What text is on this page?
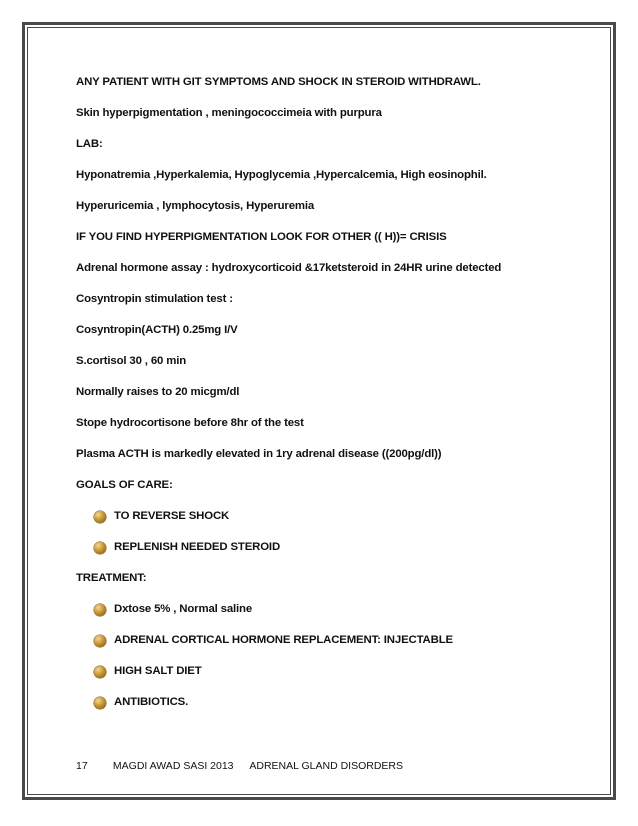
ANY PATIENT WITH GIT SYMPTOMS AND SHOCK IN STEROID WITHDRAWL.
Skin hyperpigmentation , meningococcimeia with purpura
LAB:
Hyponatremia ,Hyperkalemia, Hypoglycemia ,Hypercalcemia, High eosinophil.
Hyperuricemia , lymphocytosis, Hyperuremia
IF YOU FIND HYPERPIGMENTATION LOOK FOR OTHER (( H))= CRISIS
Adrenal hormone assay : hydroxycorticoid &17ketsteroid in 24HR urine detected
Cosyntropin stimulation test :
Cosyntropin(ACTH) 0.25mg I/V
S.cortisol 30 , 60 min
Normally raises to 20 micgm/dl
Stope hydrocortisone before 8hr of the test
Plasma ACTH is markedly elevated in 1ry adrenal disease ((200pg/dl))
GOALS OF CARE:
TO REVERSE SHOCK
REPLENISH NEEDED STEROID
TREATMENT:
Dxtose 5% , Normal saline
ADRENAL CORTICAL HORMONE REPLACEMENT: INJECTABLE
HIGH SALT DIET
ANTIBIOTICS.
17 MAGDI AWAD SASI 2013 ADRENAL GLAND DISORDERS
